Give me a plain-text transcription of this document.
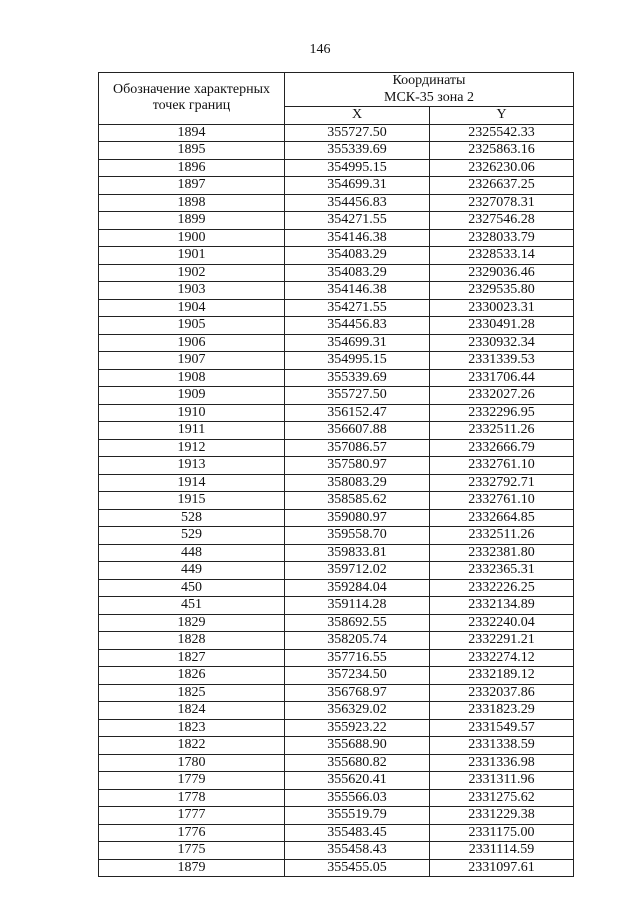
146
Обозначение характерных точек границ	Координаты
МСК-35 зона 2	
	X	Y
1894	355727.50	2325542.33
1895	355339.69	2325863.16
1896	354995.15	2326230.06
1897	354699.31	2326637.25
1898	354456.83	2327078.31
1899	354271.55	2327546.28
1900	354146.38	2328033.79
1901	354083.29	2328533.14
1902	354083.29	2329036.46
1903	354146.38	2329535.80
1904	354271.55	2330023.31
1905	354456.83	2330491.28
1906	354699.31	2330932.34
1907	354995.15	2331339.53
1908	355339.69	2331706.44
1909	355727.50	2332027.26
1910	356152.47	2332296.95
1911	356607.88	2332511.26
1912	357086.57	2332666.79
1913	357580.97	2332761.10
1914	358083.29	2332792.71
1915	358585.62	2332761.10
528	359080.97	2332664.85
529	359558.70	2332511.26
448	359833.81	2332381.80
449	359712.02	2332365.31
450	359284.04	2332226.25
451	359114.28	2332134.89
1829	358692.55	2332240.04
1828	358205.74	2332291.21
1827	357716.55	2332274.12
1826	357234.50	2332189.12
1825	356768.97	2332037.86
1824	356329.02	2331823.29
1823	355923.22	2331549.57
1822	355688.90	2331338.59
1780	355680.82	2331336.98
1779	355620.41	2331311.96
1778	355566.03	2331275.62
1777	355519.79	2331229.38
1776	355483.45	2331175.00
1775	355458.43	2331114.59
1879	355455.05	2331097.61
